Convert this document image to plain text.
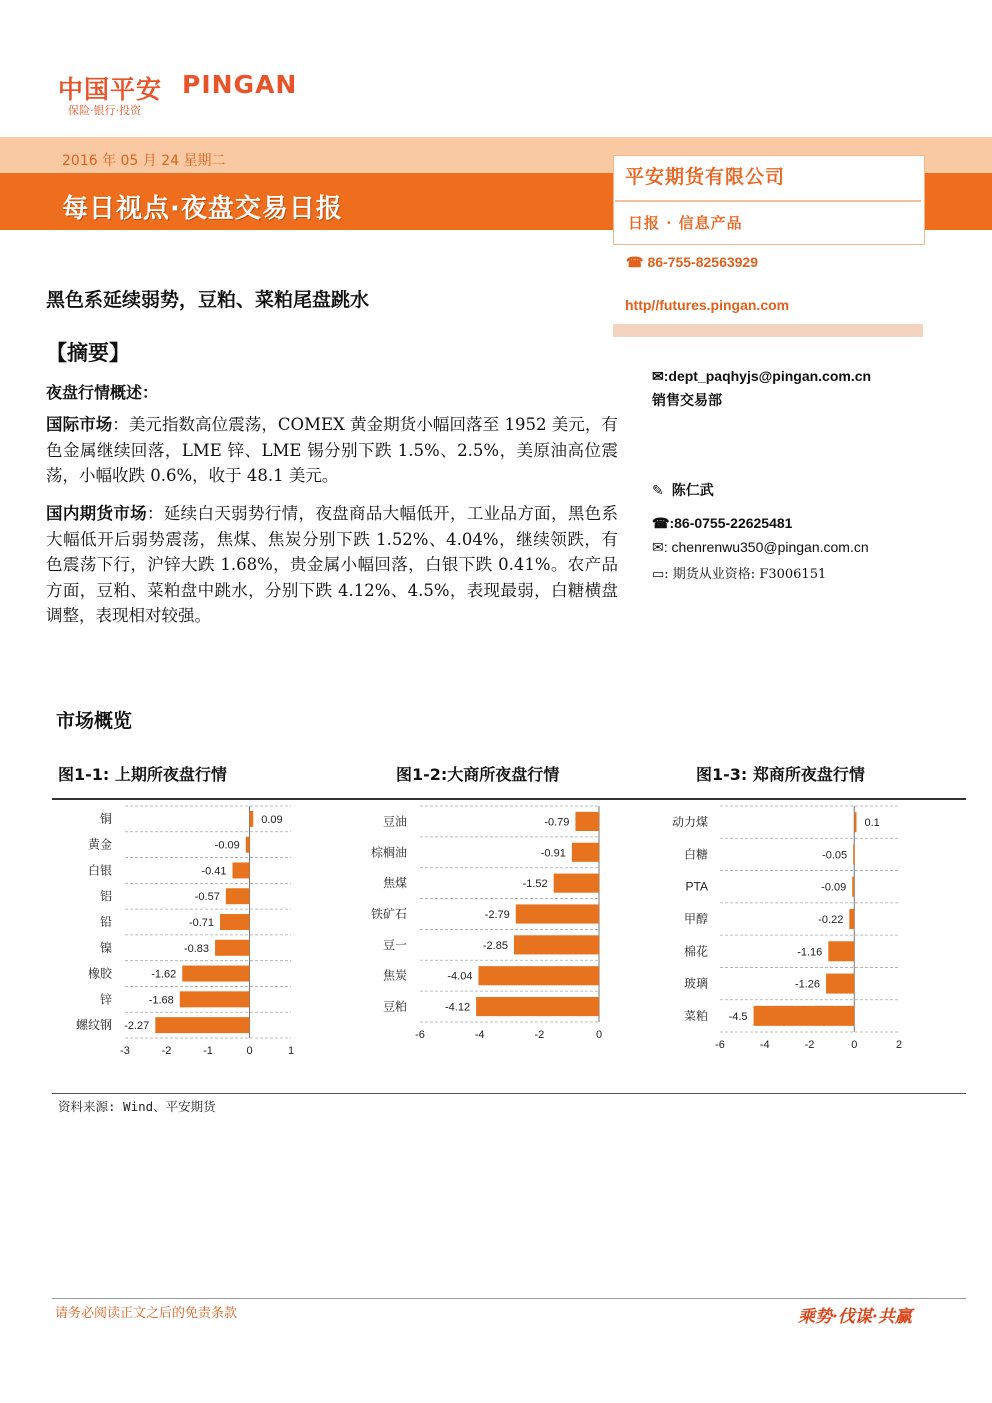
中国平安 PINGAN
保险·银行·投资
2016 年 05 月 24 星期二
每日视点·夜盘交易日报
平安期货有限公司
日报 · 信息产品
☎ 86-755-82563929
http//futures.pingan.com
黑色系延续弱势，豆粕、菜粕尾盘跳水
【摘要】
夜盘行情概述：
国际市场：美元指数高位震荡，COMEX 黄金期货小幅回落至 1952 美元，有色金属继续回落，LME 锌、LME 锡分别下跌 1.5%、2.5%，美原油高位震荡，小幅收跌 0.6%，收于 48.1 美元。
国内期货市场：延续白天弱势行情，夜盘商品大幅低开，工业品方面，黑色系大幅低开后弱势震荡，焦煤、焦炭分别下跌 1.52%、4.04%，继续领跌，有色震荡下行，沪锌大跌 1.68%，贵金属小幅回落，白银下跌 0.41%。农产品方面，豆粕、菜粕盘中跳水，分别下跌 4.12%、4.5%，表现最弱，白糖横盘调整，表现相对较强。
✉:dept_paqhyjs@pingan.com.cn
销售交易部
✎ 陈仁武
☎:86-0755-22625481
✉: chenrenwu350@pingan.com.cn
▭: 期货从业资格: F3006151
市场概览
图1-1: 上期所夜盘行情	图1-2:大商所夜盘行情	图1-3: 郑商所夜盘行情
铜	0.09
黄金	-0.09
白银	-0.41
铝	-0.57
铅	-0.71
镍	-0.83
橡胶	-1.62
锌	-1.68
螺纹钢 -2.27
-3	-2	-1	0	1
豆油	-0.79
棕榈油	-0.91
焦煤	-1.52
铁矿石	-2.79
豆一	-2.85
焦炭	-4.04
豆粕	-4.12
-6	-4	-2	0
动力煤	0.1
白糖	-0.05
PTA	-0.09
甲醇	-0.22
棉花	-1.16
玻璃	-1.26
菜粕 -4.5
-6	-4	-2	0	2
资料来源: Wind、平安期货
请务必阅读正文之后的免责条款	乘势·伐谋·共赢
